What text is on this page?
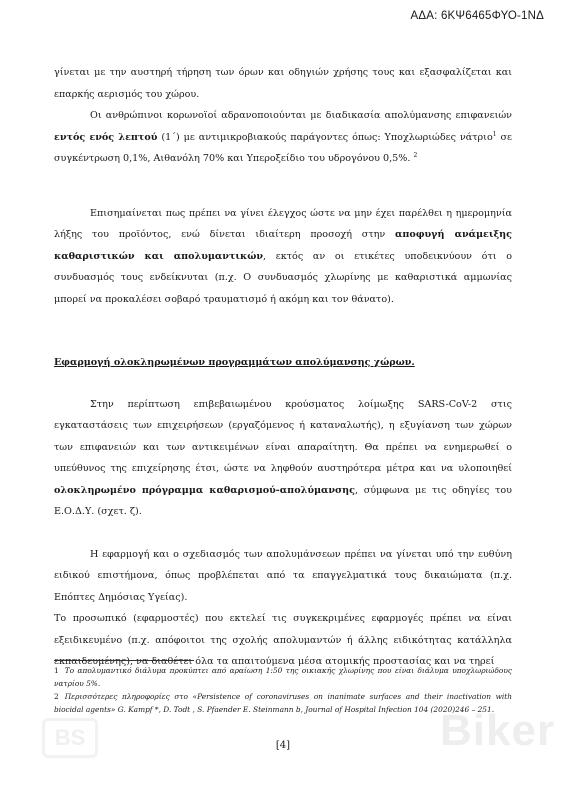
ΑΔΑ: 6ΚΨ6465ΦΥΟ-1ΝΔ

γίνεται με την αυστηρή τήρηση των όρων και οδηγιών χρήσης τους και εξασφαλίζεται και επαρκής αερισμός του χώρου.

Οι ανθρώπινοι κορωνοϊοί αδρανοποιούνται με διαδικασία απολύμανσης επιφανειών εντός ενός λεπτού (1΄) με αντιμικροβιακούς παράγοντες όπως: Υποχλωριώδες νάτριο$^1$ σε συγκέντρωση 0,1%, Αιθανόλη 70% και Υπεροξείδιο του υδρογόνου 0,5%. $^2$

Επισημαίνεται πως πρέπει να γίνει έλεγχος ώστε να μην έχει παρέλθει η ημερομηνία λήξης του προϊόντος, ενώ δίνεται ιδιαίτερη προσοχή στην αποφυγή ανάμειξης καθαριστικών και απολυμαντικών, εκτός αν οι ετικέτες υποδεικνύουν ότι ο συνδυασμός τους ενδείκνυται (π.χ. Ο συνδυασμός χλωρίνης με καθαριστικά αμμωνίας μπορεί να προκαλέσει σοβαρό τραυματισμό ή ακόμη και τον θάνατο).

Εφαρμογή ολοκληρωμένων προγραμμάτων απολύμανσης χώρων.

Στην περίπτωση επιβεβαιωμένου κρούσματος λοίμωξης SARS-CoV-2 στις εγκαταστάσεις των επιχειρήσεων (εργαζόμενος ή καταναλωτής), η εξυγίανση των χώρων των επιφανειών και των αντικειμένων είναι απαραίτητη. Θα πρέπει να ενημερωθεί ο υπεύθυνος της επιχείρησης έτσι, ώστε να ληφθούν αυστηρότερα μέτρα και να υλοποιηθεί ολοκληρωμένο πρόγραμμα καθαρισμού-απολύμανσης, σύμφωνα με τις οδηγίες του Ε.Ο.Δ.Υ. (σχετ. ζ).

Η εφαρμογή και ο σχεδιασμός των απολυμάνσεων πρέπει να γίνεται υπό την ευθύνη ειδικού επιστήμονα, όπως προβλέπεται από τα επαγγελματικά τους δικαιώματα (π.χ. Επόπτες Δημόσιας Υγείας).

Το προσωπικό (εφαρμοστές) που εκτελεί τις συγκεκριμένες εφαρμογές πρέπει να είναι εξειδικευμένο (π.χ. απόφοιτοι της σχολής απολυμαντών ή άλλης ειδικότητας κατάλληλα εκπαιδευμένης), να διαθέτει όλα τα απαιτούμενα μέσα ατομικής προστασίας και να τηρεί

1 Το απολυμαντικό διάλυμα προκύπτει από αραίωση 1:50 της οικιακής χλωρίνης που είναι διάλυμα υποχλωριώδους νατρίου 5%.

2 Περισσότερες πληροφορίες στο «Persistence of coronaviruses on inanimate surfaces and their inactivation with biocidal agents» G. Kampf *, D. Todt , S. Pfaender E. Steinmann b, Journal of Hospital Infection 104 (2020)246 – 251.

BS	Biker
[4]
